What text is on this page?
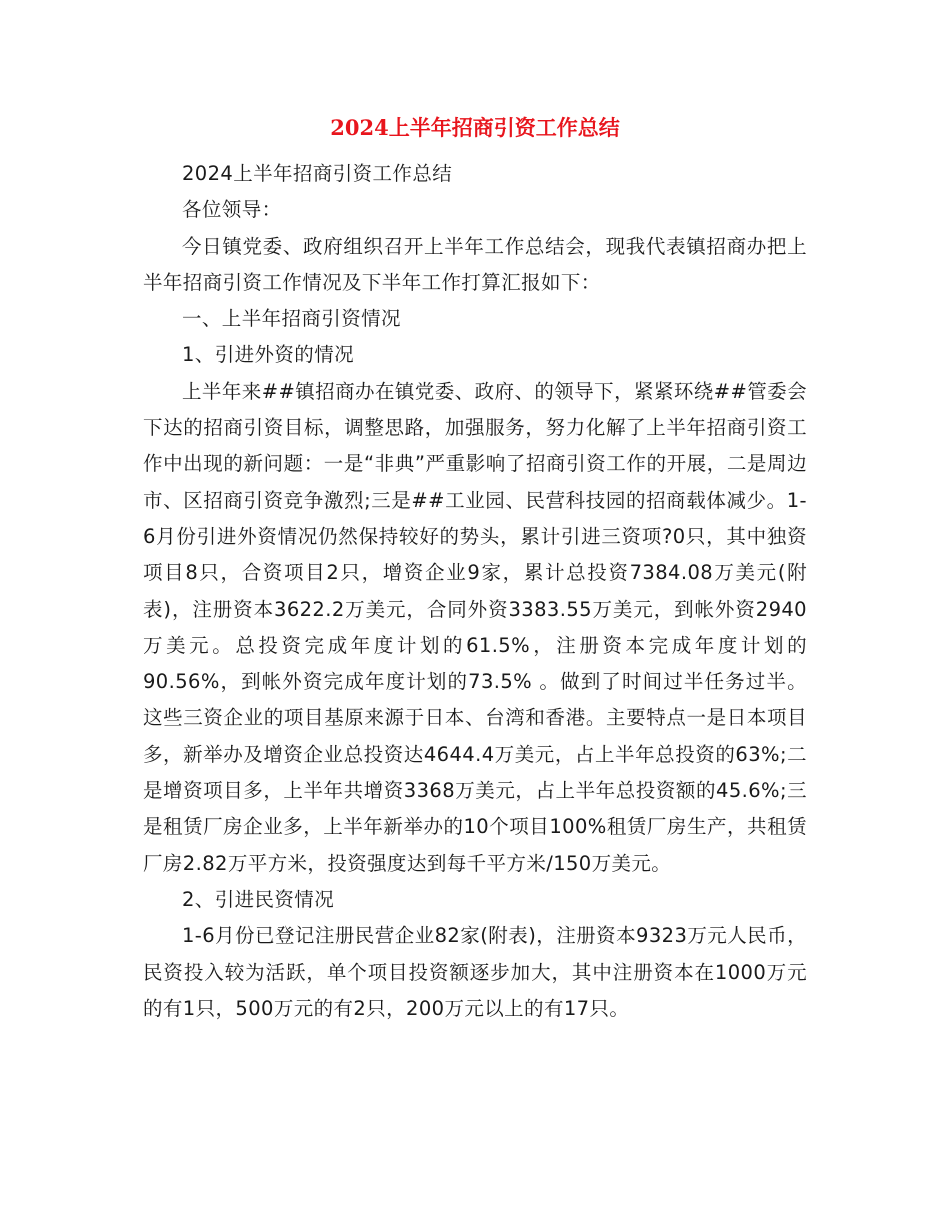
2024上半年招商引资工作总结

2024上半年招商引资工作总结

各位领导：

今日镇党委、政府组织召开上半年工作总结会，现我代表镇招商办把上半年招商引资工作情况及下半年工作打算汇报如下：

一、上半年招商引资情况

1、引进外资的情况

上半年来##镇招商办在镇党委、政府、的领导下，紧紧环绕##管委会下达的招商引资目标，调整思路，加强服务，努力化解了上半年招商引资工作中出现的新问题：一是“非典”严重影响了招商引资工作的开展，二是周边市、区招商引资竞争激烈;三是##工业园、民营科技园的招商载体减少。1-6月份引进外资情况仍然保持较好的势头，累计引进三资项?0只，其中独资项目8只，合资项目2只，增资企业9家，累计总投资7384.08万美元(附表)，注册资本3622.2万美元，合同外资3383.55万美元，到帐外资2940万美元。总投资完成年度计划的61.5%，注册资本完成年度计划的90.56%，到帐外资完成年度计划的73.5% 。做到了时间过半任务过半。这些三资企业的项目基原来源于日本、台湾和香港。主要特点一是日本项目多，新举办及增资企业总投资达4644.4万美元，占上半年总投资的63%;二是增资项目多，上半年共增资3368万美元，占上半年总投资额的45.6%;三是租赁厂房企业多，上半年新举办的10个项目100%租赁厂房生产，共租赁厂房2.82万平方米，投资强度达到每千平方米/150万美元。

2、引进民资情况

1-6月份已登记注册民营企业82家(附表)，注册资本9323万元人民币，民资投入较为活跃，单个项目投资额逐步加大，其中注册资本在1000万元的有1只，500万元的有2只，200万元以上的有17只。
